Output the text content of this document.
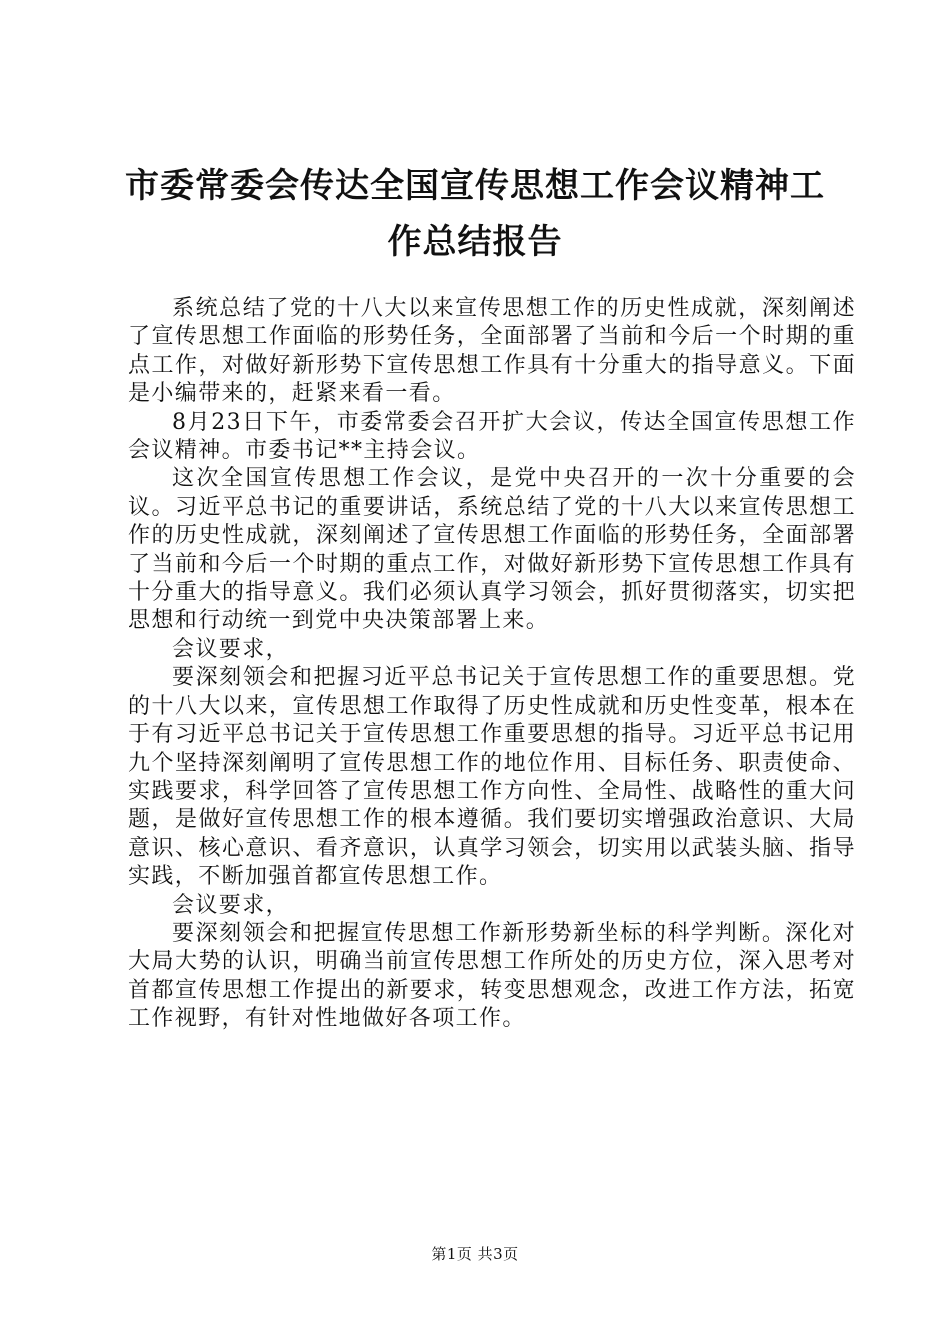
市委常委会传达全国宣传思想工作会议精神工
作总结报告

系统总结了党的十八大以来宣传思想工作的历史性成就，深刻阐述了宣传思想工作面临的形势任务，全面部署了当前和今后一个时期的重点工作，对做好新形势下宣传思想工作具有十分重大的指导意义。下面是小编带来的，赶紧来看一看。

8月23日下午，市委常委会召开扩大会议，传达全国宣传思想工作会议精神。市委书记**主持会议。

这次全国宣传思想工作会议，是党中央召开的一次十分重要的会议。习近平总书记的重要讲话，系统总结了党的十八大以来宣传思想工作的历史性成就，深刻阐述了宣传思想工作面临的形势任务，全面部署了当前和今后一个时期的重点工作，对做好新形势下宣传思想工作具有十分重大的指导意义。我们必须认真学习领会，抓好贯彻落实，切实把思想和行动统一到党中央决策部署上来。

会议要求，

要深刻领会和把握习近平总书记关于宣传思想工作的重要思想。党的十八大以来，宣传思想工作取得了历史性成就和历史性变革，根本在于有习近平总书记关于宣传思想工作重要思想的指导。习近平总书记用九个坚持深刻阐明了宣传思想工作的地位作用、目标任务、职责使命、实践要求，科学回答了宣传思想工作方向性、全局性、战略性的重大问题，是做好宣传思想工作的根本遵循。我们要切实增强政治意识、大局意识、核心意识、看齐意识，认真学习领会，切实用以武装头脑、指导实践，不断加强首都宣传思想工作。

会议要求，

要深刻领会和把握宣传思想工作新形势新坐标的科学判断。深化对大局大势的认识，明确当前宣传思想工作所处的历史方位，深入思考对首都宣传思想工作提出的新要求，转变思想观念，改进工作方法，拓宽工作视野，有针对性地做好各项工作。

第1页 共3页
